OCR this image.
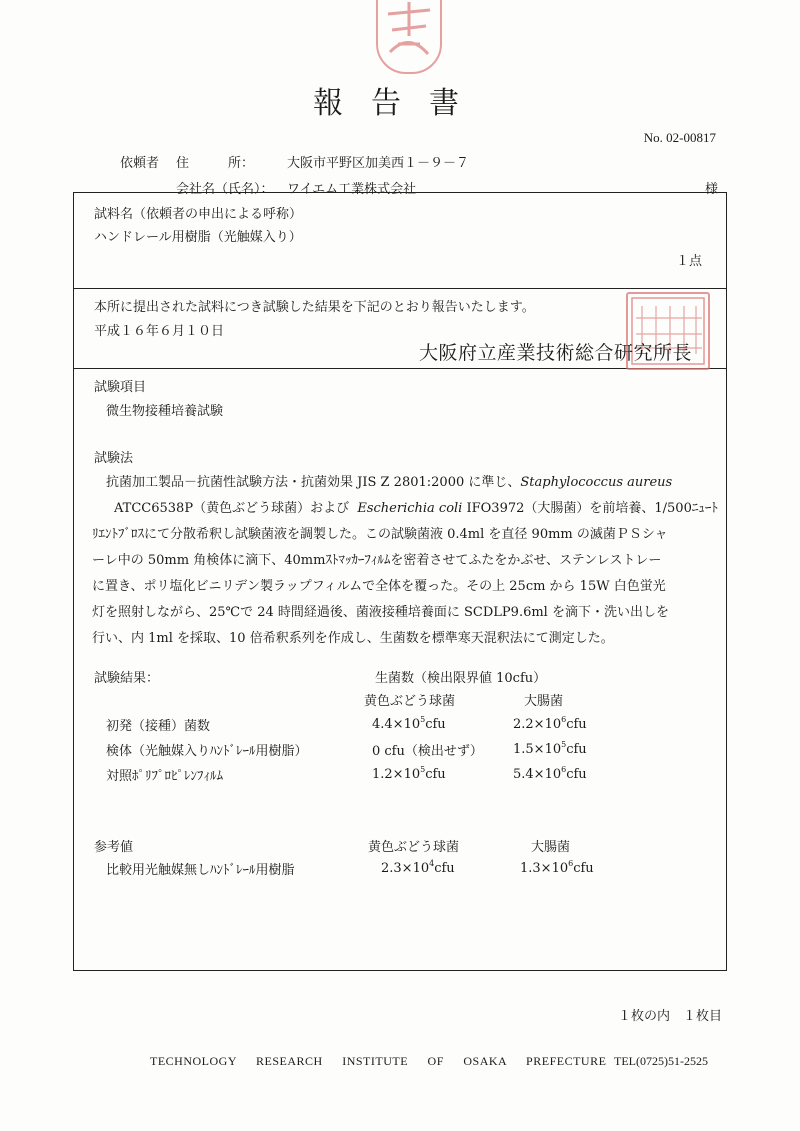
報告書
No. 02-00817
依頼者 住　　　所：	大阪市平野区加美西１－９－７
会社名（氏名）： ワイエム工業株式会社	様
試料名（依頼者の申出による呼称）
ハンドレール用樹脂（光触媒入り）
１点
本所に提出された試料につき試験した結果を下記のとおり報告いたします。
平成１６年６月１０日
大阪府立産業技術総合研究所長
試験項目
微生物接種培養試験
試験法

抗菌加工製品－抗菌性試験方法・抗菌効果 JIS Z 2801:2000 に準じ、Staphylococcus aureus

ATCC6538P（黄色ぶどう球菌）および Escherichia coli IFO3972（大腸菌）を前培養、1/500ﾆｭｰﾄ

ﾘｴﾝﾄﾌﾞﾛｽにて分散希釈し試験菌液を調製した。この試験菌液 0.4ml を直径 90mm の滅菌ＰＳシャ

ーレ中の 50mm 角検体に滴下、40mmｽﾄﾏｯｶｰﾌｨﾙﾑを密着させてふたをかぶせ、ステンレストレー

に置き、ポリ塩化ビニリデン製ラップフィルムで全体を覆った。その上 25cm から 15W 白色蛍光

灯を照射しながら、25℃で 24 時間経過後、菌液接種培養面に SCDLP9.6ml を滴下・洗い出しを

行い、内 1ml を採取、10 倍希釈系列を作成し、生菌数を標準寒天混釈法にて測定した。

試験結果：	生菌数（検出限界値 10cfu）
黄色ぶどう球菌	大腸菌
初発（接種）菌数	$4.4\times 10^5cfu$	$2.2\times 10^6cfu$
検体（光触媒入りﾊﾝﾄﾞﾚｰﾙ用樹脂）	0 cfu（検出せず） $1.5\times 10^5cfu$
対照ﾎﾟﾘﾌﾟﾛﾋﾟﾚﾝﾌｨﾙﾑ	$1.2\times 10^5cfu$	$5.4\times 10^6cfu$
参考値	黄色ぶどう球菌	大腸菌
比較用光触媒無しﾊﾝﾄﾞﾚｰﾙ用樹脂	$2.3\times 10^4cfu$	$1.3\times 10^6cfu$
１枚の内　１枚目
TECHNOLOGY RESEARCH INSTITUTE OF OSAKA PREFECTURE TEL(0725)51-2525
